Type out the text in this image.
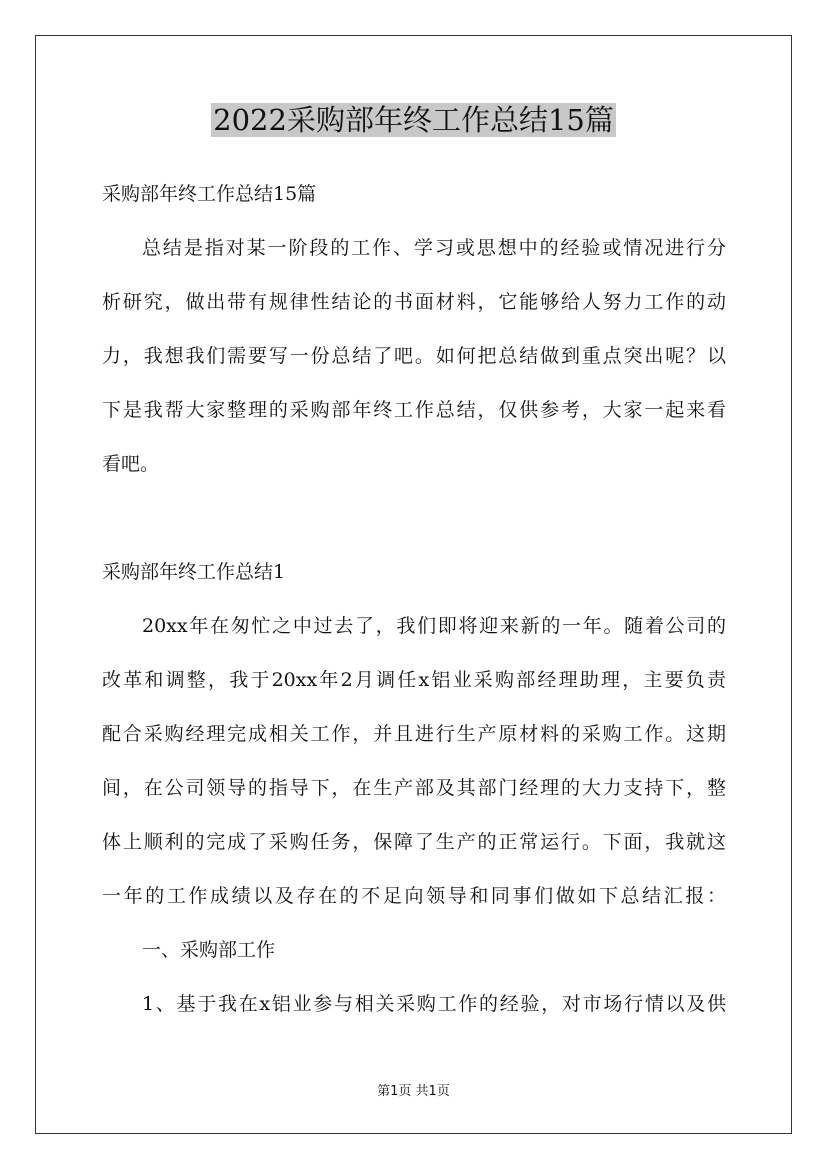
2022采购部年终工作总结15篇

采购部年终工作总结15篇

总结是指对某一阶段的工作、学习或思想中的经验或情况进行分

析研究，做出带有规律性结论的书面材料，它能够给人努力工作的动

力，我想我们需要写一份总结了吧。如何把总结做到重点突出呢？以

下是我帮大家整理的采购部年终工作总结，仅供参考，大家一起来看

看吧。

采购部年终工作总结1

20xx年在匆忙之中过去了，我们即将迎来新的一年。随着公司的

改革和调整，我于20xx年2月调任x铝业采购部经理助理，主要负责

配合采购经理完成相关工作，并且进行生产原材料的采购工作。这期

间，在公司领导的指导下，在生产部及其部门经理的大力支持下，整

体上顺利的完成了采购任务，保障了生产的正常运行。下面，我就这

一年的工作成绩以及存在的不足向领导和同事们做如下总结汇报：

一、采购部工作

1、基于我在x铝业参与相关采购工作的经验，对市场行情以及供

第1页 共1页
